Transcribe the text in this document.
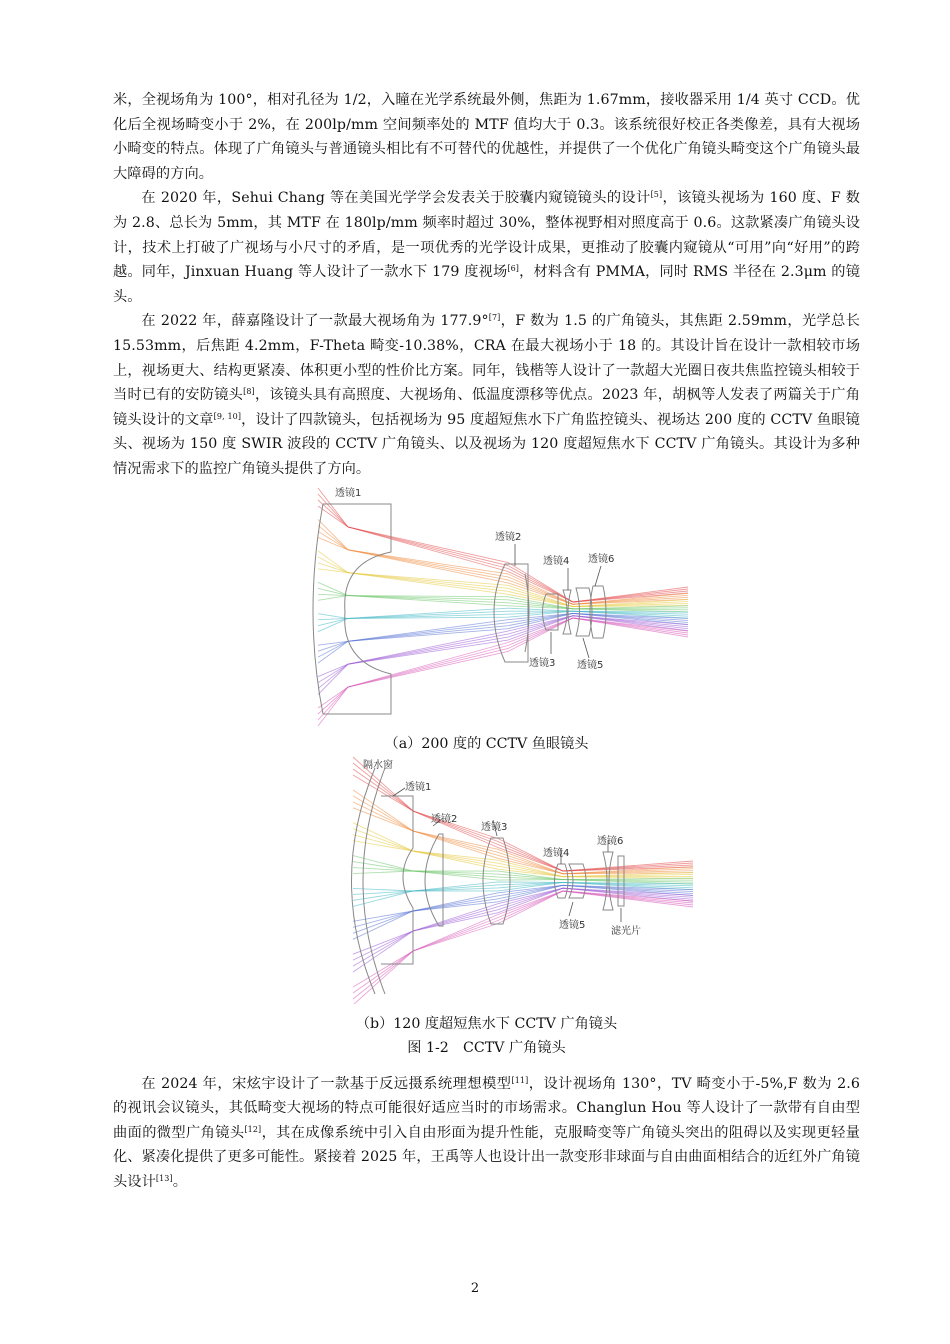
米，全视场角为 100°，相对孔径为 1/2，入瞳在光学系统最外侧，焦距为 1.67mm，接收器采用 1/4 英寸 CCD。优化后全视场畸变小于 2%，在 200lp/mm 空间频率处的 MTF 值均大于 0.3。该系统很好校正各类像差，具有大视场小畸变的特点。体现了广角镜头与普通镜头相比有不可替代的优越性，并提供了一个优化广角镜头畸变这个广角镜头最大障碍的方向。

在 2020 年，Sehui Chang 等在美国光学学会发表关于胶囊内窥镜镜头的设计[5]，该镜头视场为 160 度、F 数为 2.8、总长为 5mm，其 MTF 在 180lp/mm 频率时超过 30%，整体视野相对照度高于 0.6。这款紧凑广角镜头设计，技术上打破了广视场与小尺寸的矛盾，是一项优秀的光学设计成果，更推动了胶囊内窥镜从“可用”向“好用”的跨越。同年，Jinxuan Huang 等人设计了一款水下 179 度视场[6]，材料含有 PMMA，同时 RMS 半径在 2.3μm 的镜头。

在 2022 年，薛嘉隆设计了一款最大视场角为 177.9°[7]，F 数为 1.5 的广角镜头，其焦距 2.59mm，光学总长 15.53mm，后焦距 4.2mm，F-Theta 畸变-10.38%，CRA 在最大视场小于 18 的。其设计旨在设计一款相较市场上，视场更大、结构更紧凑、体积更小型的性价比方案。同年，钱楷等人设计了一款超大光圈日夜共焦监控镜头相较于当时已有的安防镜头[8]，该镜头具有高照度、大视场角、低温度漂移等优点。2023 年，胡枫等人发表了两篇关于广角镜头设计的文章[9, 10]，设计了四款镜头，包括视场为 95 度超短焦水下广角监控镜头、视场达 200 度的 CCTV 鱼眼镜头、视场为 150 度 SWIR 波段的 CCTV 广角镜头、以及视场为 120 度超短焦水下 CCTV 广角镜头。其设计为多种情况需求下的监控广角镜头提供了方向。

透镜1
透镜2
透镜4 透镜6
透镜3 透镜5

（a）200 度的 CCTV 鱼眼镜头

隔水窗
透镜1
透镜2
透镜3
透镜4
透镜6
透镜5
滤光片

（b）120 度超短焦水下 CCTV 广角镜头

图 1-2　CCTV 广角镜头

在 2024 年，宋炫宇设计了一款基于反远摄系统理想模型[11]，设计视场角 130°，TV 畸变小于-5%,F 数为 2.6 的视讯会议镜头，其低畸变大视场的特点可能很好适应当时的市场需求。Changlun Hou 等人设计了一款带有自由型曲面的微型广角镜头[12]，其在成像系统中引入自由形面为提升性能，克服畸变等广角镜头突出的阻碍以及实现更轻量化、紧凑化提供了更多可能性。紧接着 2025 年，王禹等人也设计出一款变形非球面与自由曲面相结合的近红外广角镜头设计[13]。

2
